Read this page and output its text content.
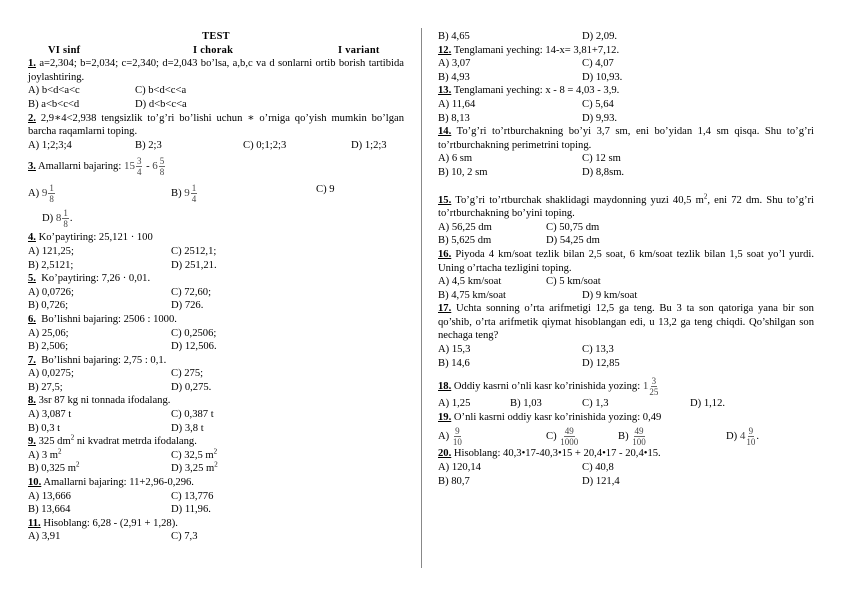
TEST
VI sinf	I chorak	I variant
1. a=2,304; b=2,034; c=2,340; d=2,043 bo’lsa, a,b,c va d sonlarni ortib borish tartibida joylashtiring.
A) b<d<a<c	C) b<d<c<a
B) a<b<c<d	D) d<b<c<a
2. 2,9∗4<2,938 tengsizlik to’g’ri bo’lishi uchun ∗ o’rniga qo’yish mumkin bo’lgan barcha raqamlarni toping.
A) 1;2;3;4	B) 2;3	C) 0;1;2;3	D) 1;2;3
3. Amallarni bajaring: $15 \frac{3}{4} - 6 \frac{5}{8}$
A) $9 \frac{1}{8}$	B) $9 \frac{1}{4}$	C) 9
D) $8 \frac{1}{8}$ .
4. Ko’paytiring: 25,121 · 100
A) 121,25;	C) 2512,1;
B) 2,5121;	D) 251,21.
5. Ko’paytiring: 7,26 · 0,01.
A) 0,0726;	C) 72,60;
B) 0,726;	D) 726.
6. Bo’lishni bajaring: 2506 : 1000.
A) 25,06;	C) 0,2506;
B) 2,506;	D) 12,506.
7. Bo’lishni bajaring: 2,75 : 0,1.
A) 0,0275;	C) 275;
B) 27,5;	D) 0,275.
8. 3sr 87 kg ni tonnada ifodalang.
A) 3,087 t	C) 0,387 t
B) 0,3 t	D) 3,8 t
9. 325 $dm^2$ ni kvadrat metrda ifodalang.
A) 3 $m^2$	C) 32,5 $m^2$
B) 0,325 $m^2$	D) 3,25 $m^2$
10. Amallarni bajaring: 11+2,96-0,296.
A) 13,666	C) 13,776
B) 13,664	D) 11,96.
11. Hisoblang: 6,28 - (2,91 + 1,28).
A) 3,91	C) 7,3
B) 4,65	D) 2,09.
12. Tenglamani yeching: 14-x= 3,81+7,12.
A) 3,07	C) 4,07
B) 4,93	D) 10,93.
13. Tenglamani yeching: x - 8 = 4,03 - 3,9.
A) 11,64	C) 5,64
B) 8,13	D) 9,93.
14. To’g’ri to’rtburchakning bo’yi 3,7 sm, eni bo’yidan 1,4 sm qisqa. Shu to’g’ri to’rtburchakning perimetrini toping.
A) 6 sm	C) 12 sm
B) 10, 2 sm	D) 8,8sm.
15. To’g’ri to’rtburchak shaklidagi maydonning yuzi 40,5 $m^2$, eni 72 dm. Shu to’g’ri to’rtburchakning bo’yini toping.
A) 56,25 dm	C) 50,75 dm
B) 5,625 dm	D) 54,25 dm
16. Piyoda 4 km/soat tezlik bilan 2,5 soat, 6 km/soat tezlik bilan 1,5 soat yo’l yurdi. Uning o’rtacha tezligini toping.
A) 4,5 km/soat	C) 5 km/soat
B) 4,75 km/soat	D) 9 km/soat
17. Uchta sonning o’rta arifmetigi 12,5 ga teng. Bu 3 ta son qatoriga yana bir son qo’shib, o’rta arifmetik qiymat hisoblangan edi, u 13,2 ga teng chiqdi. Qo’shilgan son nechaga teng?
A) 15,3	C) 13,3
B) 14,6	D) 12,85
18. Oddiy kasrni o’nli kasr ko’rinishida yozing: $1 \frac{3}{25}$
A) 1,25	B) 1,03	C) 1,3	D) 1,12.
19. O’nli kasrni oddiy kasr ko’rinishida yozing: 0,49
$A) \frac{9}{10}$	$C) \frac{49}{1000}$	$B) \frac{49}{100}$	D) $4 \frac{9}{10}$ .
20. Hisoblang: 40,3•17-40,3•15 + 20,4•17 - 20,4•15.
A) 120,14	C) 40,8
B) 80,7	D) 121,4
